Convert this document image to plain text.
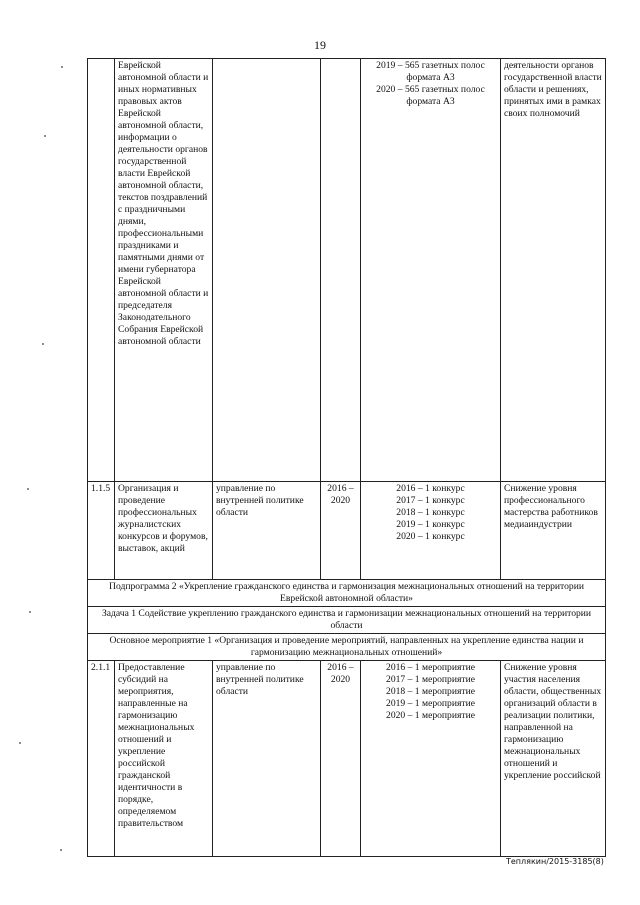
19
	Еврейской автономной области и иных нормативных правовых актов Еврейской автономной области, информации о деятельности органов государственной власти Еврейской автономной области, текстов поздравлений с праздничными днями, профессиональными праздниками и памятными днями от имени губернатора Еврейской автономной области и председателя Законодательного Собрания Еврейской автономной области			2019 – 565 газетных полос формата А3
2020 – 565 газетных полос формата А3	деятельности органов государственной власти области и решениях, принятых ими в рамках своих полномочий
1.1.5	Организация и проведение профессиональных журналистских конкурсов и форумов, выставок, акций	управление по внутренней политике области	2016 – 2020	2016 – 1 конкурс
2017 – 1 конкурс
2018 – 1 конкурс
2019 – 1 конкурс
2020 – 1 конкурс	Снижение уровня профессионального мастерства работников медиаиндустрии
Подпрограмма 2 «Укрепление гражданского единства и гармонизация межнациональных отношений на территории Еврейской автономной области»					
Задача 1 Содействие укреплению гражданского единства и гармонизации межнациональных отношений на территории области					
Основное мероприятие 1 «Организация и проведение мероприятий, направленных на укрепление единства нации и гармонизацию межнациональных отношений»					
2.1.1	Предоставление субсидий на мероприятия, направленные на гармонизацию межнациональных отношений и укрепление российской гражданской идентичности в порядке, определяемом правительством	управление по внутренней политике области	2016 – 2020	2016 – 1 мероприятие
2017 – 1 мероприятие
2018 – 1 мероприятие
2019 – 1 мероприятие
2020 – 1 мероприятие	Снижение уровня участия населения области, общественных организаций области в реализации политики, направленной на гармонизацию межнациональных отношений и укрепление российской
Теплякин/2015-3185(8)
